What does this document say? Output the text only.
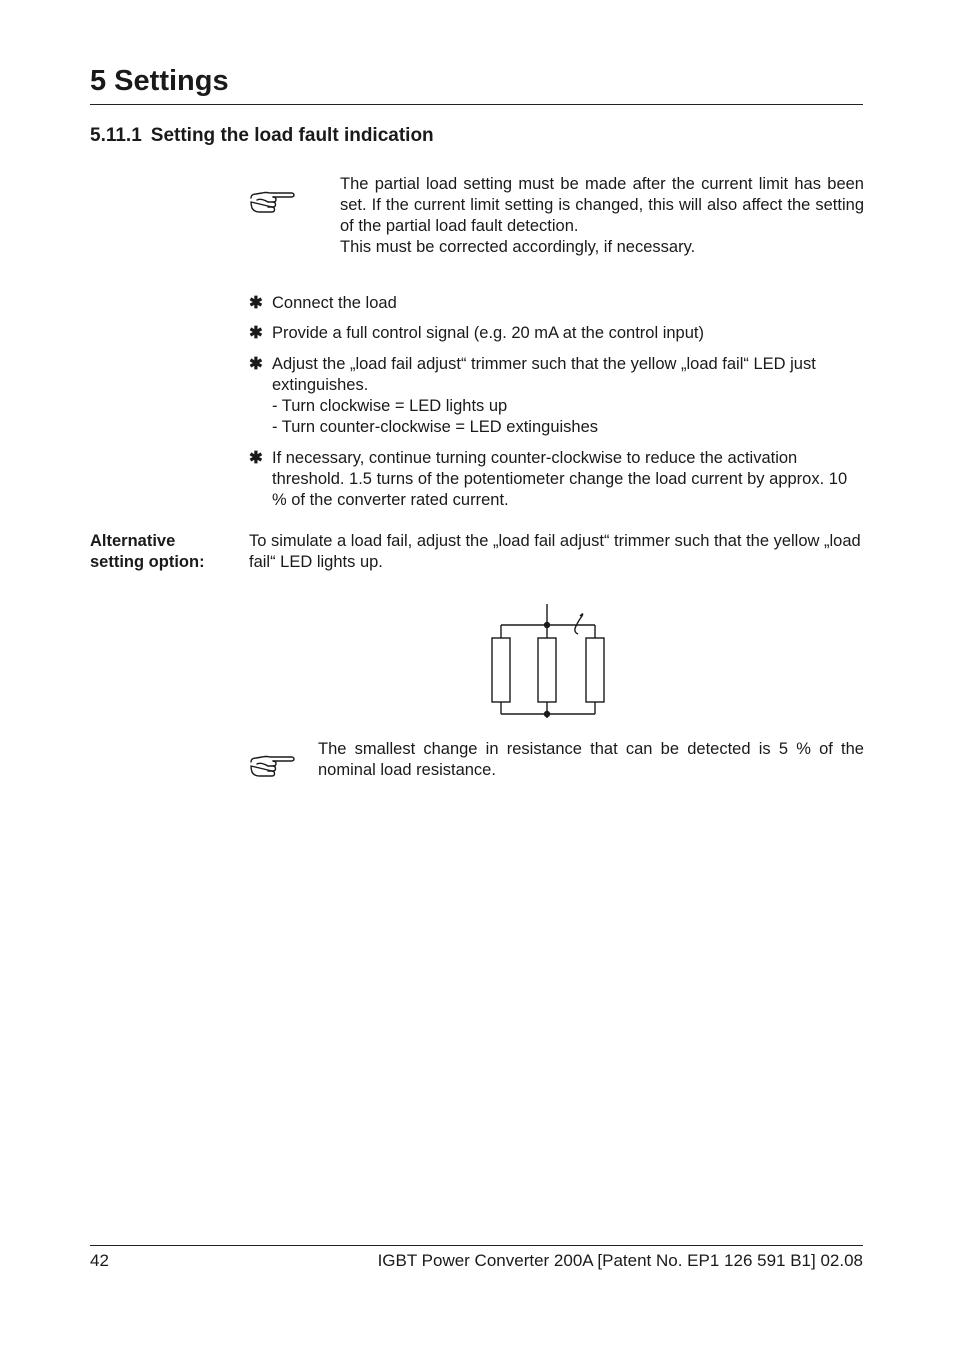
5 Settings
5.11.1 Setting the load fault indication

The partial load setting must be made after the current limit has been set. If the current limit setting is changed, this will also affect the setting of the partial load fault detection.
This must be corrected accordingly, if necessary.

✱ Connect the load
✱ Provide a full control signal (e.g. 20 mA at the control input)
✱ Adjust the „load fail adjust“ trimmer such that the yellow „load fail“ LED just extinguishes.
- Turn clockwise = LED lights up
- Turn counter-clockwise = LED extinguishes
✱ If necessary, continue turning counter-clockwise to reduce the activation threshold. 1.5 turns of the potentiometer change the load current by approx. 10 % of the converter rated current.

Alternative
setting option:

To simulate a load fail, adjust the „load fail adjust“ trimmer such that the yellow „load fail“ LED lights up.

The smallest change in resistance that can be detected is 5 % of the nominal load resistance.

42	IGBT Power Converter 200A [Patent No. EP1 126 591 B1] 02.08
